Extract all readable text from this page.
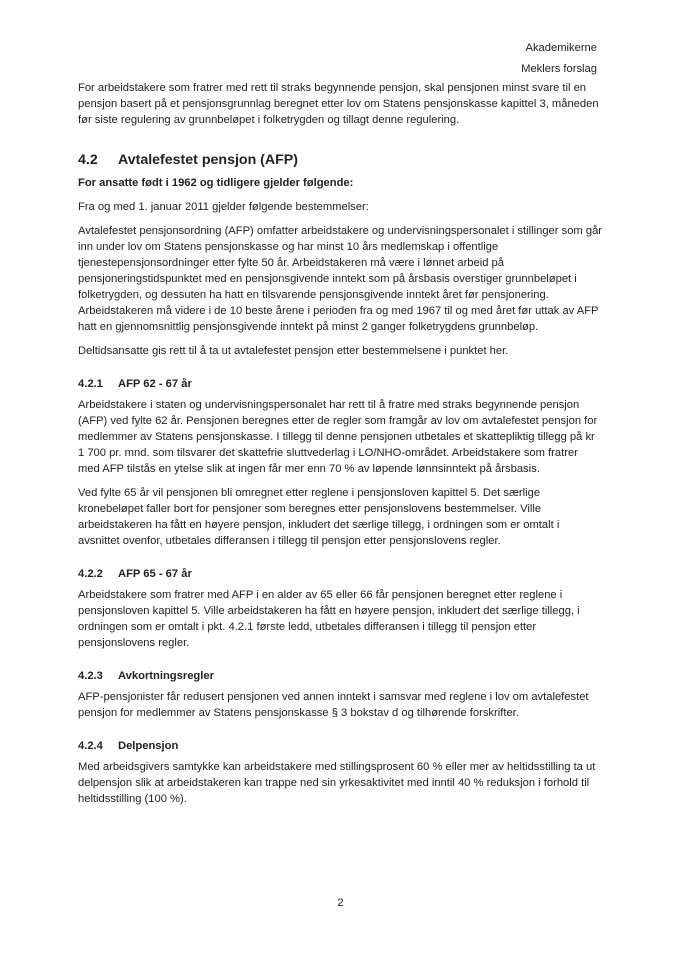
Akademikerne
Meklers forslag

For arbeidstakere som fratrer med rett til straks begynnende pensjon, skal pensjonen minst svare til en pensjon basert på et pensjonsgrunnlag beregnet etter lov om Statens pensjonskasse kapittel 3, måneden før siste regulering av grunnbeløpet i folketrygden og tillagt denne regulering.

4.2 Avtalefestet pensjon (AFP)

For ansatte født i 1962 og tidligere gjelder følgende:

Fra og med 1. januar 2011 gjelder følgende bestemmelser:

Avtalefestet pensjonsordning (AFP) omfatter arbeidstakere og undervisningspersonalet i stillinger som går inn under lov om Statens pensjonskasse og har minst 10 års medlemskap i offentlige tjenestepensjonsordninger etter fylte 50 år. Arbeidstakeren må være i lønnet arbeid på pensjoneringstidspunktet med en pensjonsgivende inntekt som på årsbasis overstiger grunnbeløpet i folketrygden, og dessuten ha hatt en tilsvarende pensjonsgivende inntekt året før pensjonering. Arbeidstakeren må videre i de 10 beste årene i perioden fra og med 1967 til og med året før uttak av AFP hatt en gjennomsnittlig pensjonsgivende inntekt på minst 2 ganger folketrygdens grunnbeløp.

Deltidsansatte gis rett til å ta ut avtalefestet pensjon etter bestemmelsene i punktet her.

4.2.1 AFP 62 - 67 år

Arbeidstakere i staten og undervisningspersonalet har rett til å fratre med straks begynnende pensjon (AFP) ved fylte 62 år. Pensjonen beregnes etter de regler som framgår av lov om avtalefestet pensjon for medlemmer av Statens pensjonskasse. I tillegg til denne pensjonen utbetales et skattepliktig tillegg på kr 1 700 pr. mnd. som tilsvarer det skattefrie sluttvederlag i LO/NHO-området. Arbeidstakere som fratrer med AFP tilstås en ytelse slik at ingen får mer enn 70 % av løpende lønnsinntekt på årsbasis.

Ved fylte 65 år vil pensjonen bli omregnet etter reglene i pensjonsloven kapittel 5. Det særlige kronebeløpet faller bort for pensjoner som beregnes etter pensjonslovens bestemmelser. Ville arbeidstakeren ha fått en høyere pensjon, inkludert det særlige tillegg, i ordningen som er omtalt i avsnittet ovenfor, utbetales differansen i tillegg til pensjon etter pensjonslovens regler.

4.2.2 AFP 65 - 67 år

Arbeidstakere som fratrer med AFP i en alder av 65 eller 66 får pensjonen beregnet etter reglene i pensjonsloven kapittel 5. Ville arbeidstakeren ha fått en høyere pensjon, inkludert det særlige tillegg, i ordningen som er omtalt i pkt. 4.2.1 første ledd, utbetales differansen i tillegg til pensjon etter pensjonslovens regler.

4.2.3 Avkortningsregler

AFP-pensjonister får redusert pensjonen ved annen inntekt i samsvar med reglene i lov om avtalefestet pensjon for medlemmer av Statens pensjonskasse § 3 bokstav d og tilhørende forskrifter.

4.2.4 Delpensjon

Med arbeidsgivers samtykke kan arbeidstakere med stillingsprosent 60 % eller mer av heltidsstilling ta ut delpensjon slik at arbeidstakeren kan trappe ned sin yrkesaktivitet med inntil 40 % reduksjon i forhold til heltidsstilling (100 %).

2
